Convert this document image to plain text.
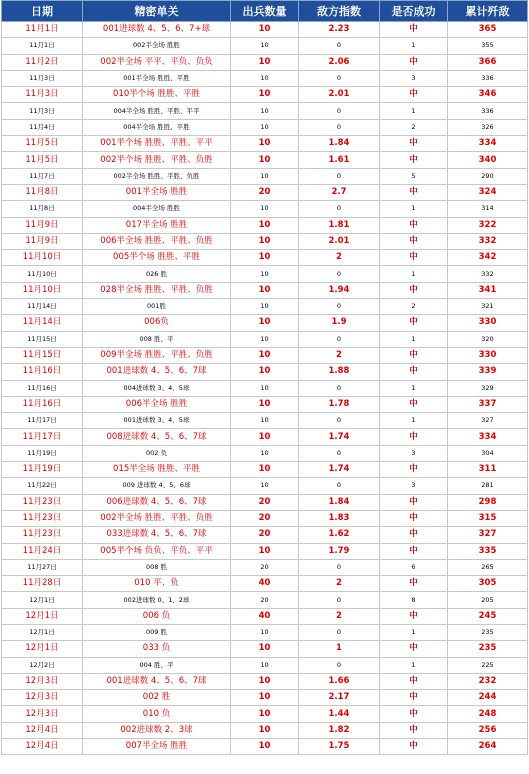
日期	精密单关	出兵数量	敌方指数	是否成功	累计歼敌
11月1日	001进球数 4、5、6、7+球	10	2.23	中	365
11月1日	002半全场 胜胜	10	0	1	355
11月2日	002半全场 平平、平负、负负	10	2.06	中	366
11月3日	001半全场 胜胜、平胜	10	0	3	336
11月3日	010半个场 胜胜、平胜	10	2.01	中	346
11月3日	004半全场 胜胜、平胜、平平	10	0	1	336
11月4日	004半全场 胜胜、平胜	10	0	2	326
11月5日	001半个场 胜胜、平胜、平平	10	1.84	中	334
11月5日	002半个场 胜胜、平胜、负胜	10	1.61	中	340
11月7日	002半全场 胜胜、平胜、负胜	10	0	5	290
11月8日	001半全场 胜胜	20	2.7	中	324
11月8日	004半全场 胜胜	10	0	1	314
11月9日	017半全场 胜胜	10	1.81	中	322
11月9日	006半全场 胜胜、平胜、负胜	10	2.01	中	332
11月10日	005半个场 胜胜、平胜	10	2	中	342
11月10日	026 胜	10	0	1	332
11月10日	028半全场 胜胜、平胜、负胜	10	1.94	中	341
11月14日	001胜	10	0	2	321
11月14日	006负	10	1.9	中	330
11月15日	008 胜、平	10	0	1	320
11月15日	009半全场 胜胜、平胜、负胜	10	2	中	330
11月16日	001进球数 4、5、6、7球	10	1.88	中	339
11月16日	004进球数 3、4、5球	10	0	1	329
11月16日	006半全场 胜胜	10	1.78	中	337
11月17日	001进球数 3、4、5球	10	0	1	327
11月17日	008进球数 4、5、6、7球	10	1.74	中	334
11月19日	002 负	10	0	3	304
11月19日	015半全场 胜胜、平胜	10	1.74	中	311
11月22日	009 进球数 4、5、6球	10	0	3	281
11月23日	006进球数 4、5、6、7球	20	1.84	中	298
11月23日	002半全场 胜胜、平胜、负胜	20	1.83	中	315
11月23日	033进球数 4、5、6、7球	20	1.62	中	327
11月24日	005半个场 负负、平负、平平	10	1.79	中	335
11月27日	008 胜	20	0	6	265
11月28日	010 平、负	40	2	中	305
12月1日	002进球数 0、1、2球	20	0	8	205
12月1日	006 负	40	2	中	245
12月1日	009 胜	10	0	1	235
12月1日	033 负	10	1	中	235
12月2日	004 胜、平	10	0	1	225
12月3日	001进球数 4、5、6、7球	10	1.66	中	232
12月3日	002 胜	10	2.17	中	244
12月3日	010 负	10	1.44	中	248
12月4日	002进球数 2、3球	10	1.82	中	256
12月4日	007半全场 胜胜	10	1.75	中	264
